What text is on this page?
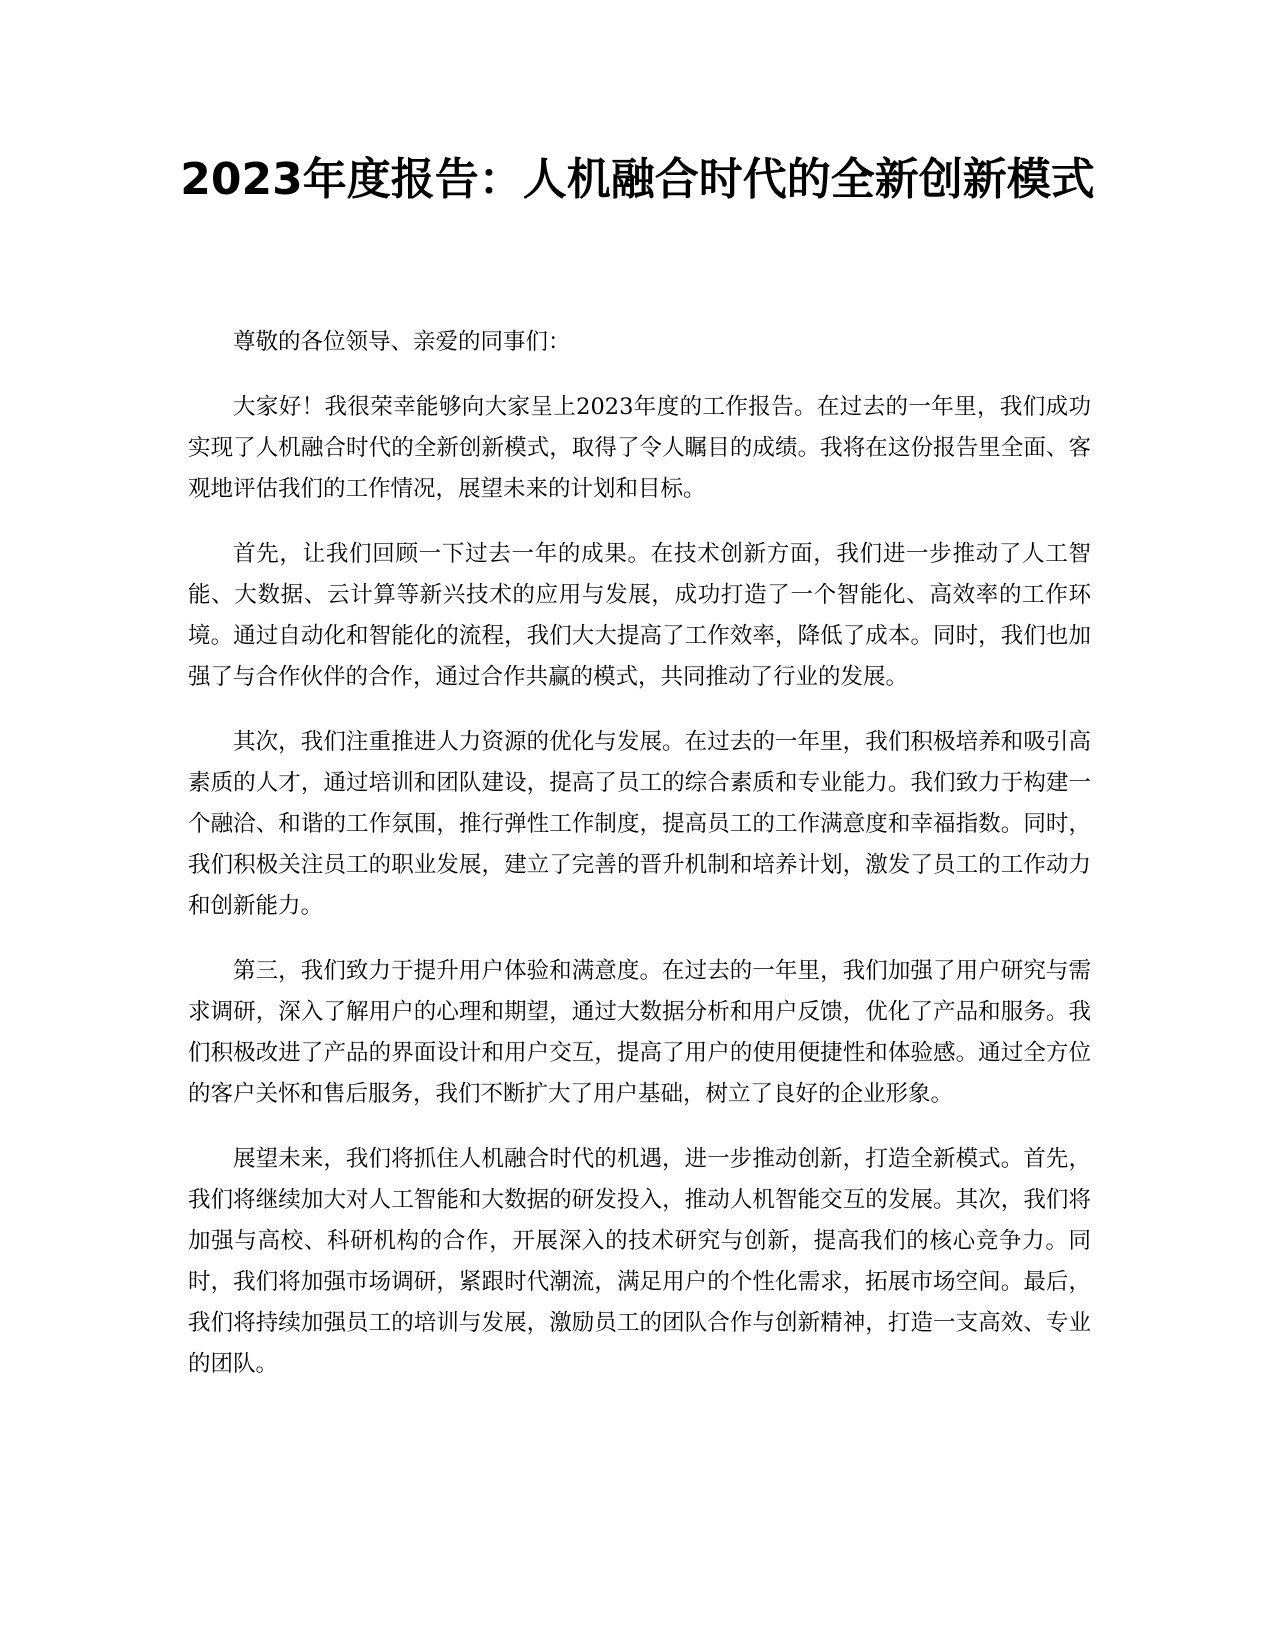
2023年度报告：人机融合时代的全新创新模式

尊敬的各位领导、亲爱的同事们：

大家好！我很荣幸能够向大家呈上2023年度的工作报告。在过去的一年里，我们成功实现了人机融合时代的全新创新模式，取得了令人瞩目的成绩。我将在这份报告里全面、客观地评估我们的工作情况，展望未来的计划和目标。

首先，让我们回顾一下过去一年的成果。在技术创新方面，我们进一步推动了人工智能、大数据、云计算等新兴技术的应用与发展，成功打造了一个智能化、高效率的工作环境。通过自动化和智能化的流程，我们大大提高了工作效率，降低了成本。同时，我们也加强了与合作伙伴的合作，通过合作共赢的模式，共同推动了行业的发展。

其次，我们注重推进人力资源的优化与发展。在过去的一年里，我们积极培养和吸引高素质的人才，通过培训和团队建设，提高了员工的综合素质和专业能力。我们致力于构建一个融洽、和谐的工作氛围，推行弹性工作制度，提高员工的工作满意度和幸福指数。同时，我们积极关注员工的职业发展，建立了完善的晋升机制和培养计划，激发了员工的工作动力和创新能力。

第三，我们致力于提升用户体验和满意度。在过去的一年里，我们加强了用户研究与需求调研，深入了解用户的心理和期望，通过大数据分析和用户反馈，优化了产品和服务。我们积极改进了产品的界面设计和用户交互，提高了用户的使用便捷性和体验感。通过全方位的客户关怀和售后服务，我们不断扩大了用户基础，树立了良好的企业形象。

展望未来，我们将抓住人机融合时代的机遇，进一步推动创新，打造全新模式。首先，我们将继续加大对人工智能和大数据的研发投入，推动人机智能交互的发展。其次，我们将加强与高校、科研机构的合作，开展深入的技术研究与创新，提高我们的核心竞争力。同时，我们将加强市场调研，紧跟时代潮流，满足用户的个性化需求，拓展市场空间。最后，我们将持续加强员工的培训与发展，激励员工的团队合作与创新精神，打造一支高效、专业的团队。
